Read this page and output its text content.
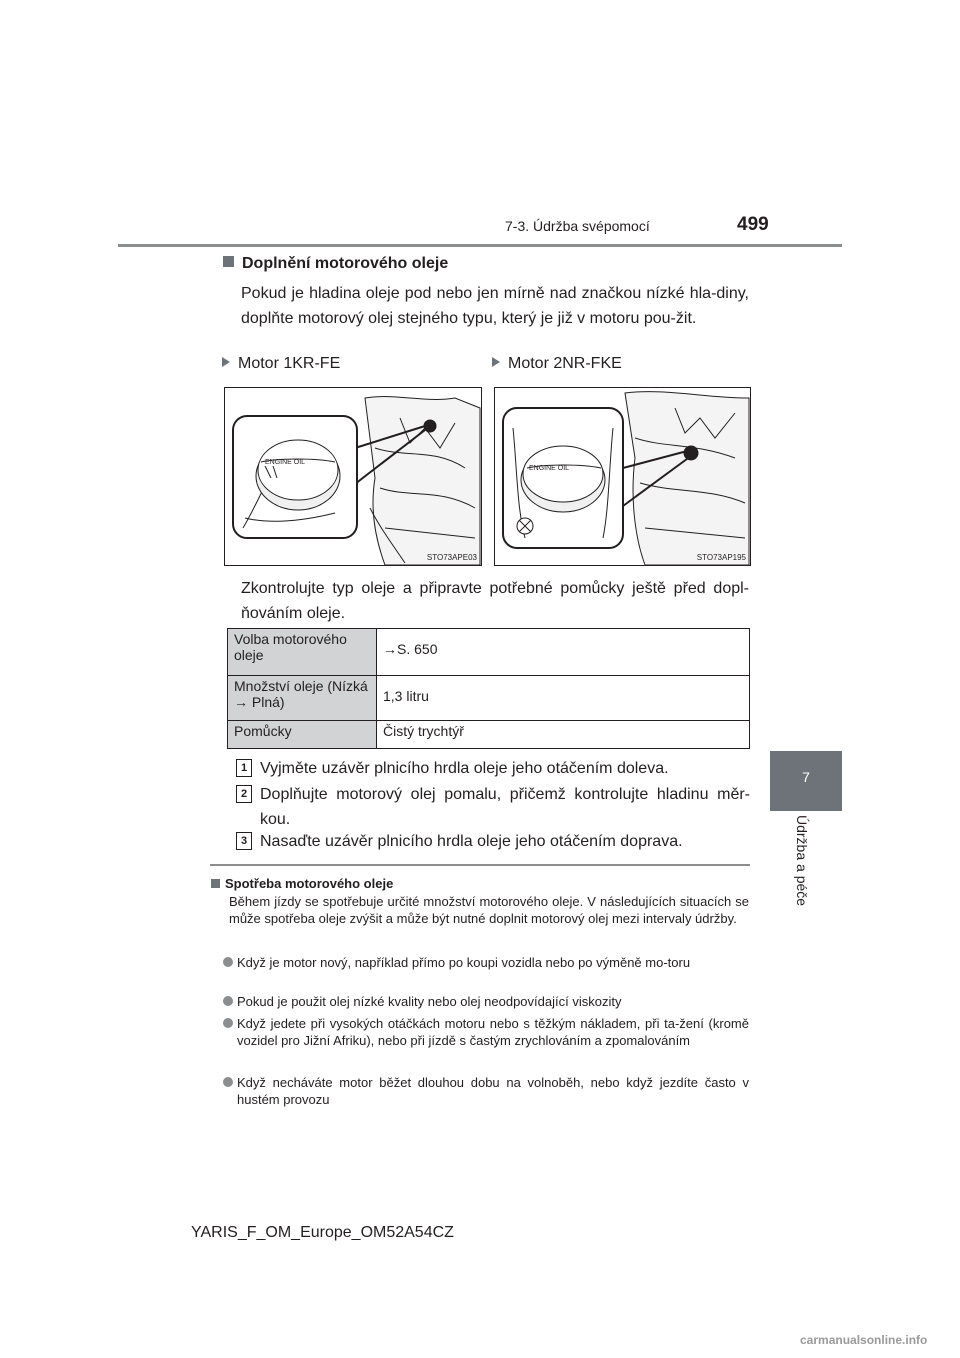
7-3. Údržba svépomocí	499
7
Údržba a péče
Doplnění motorového oleje
Pokud je hladina oleje pod nebo jen mírně nad značkou nízké hla-diny, doplňte motorový olej stejného typu, který je již v motoru pou-žit.
Motor 1KR-FE	Motor 2NR-FKE
ENGINE OIL
STO73APE03
ENGINE OIL
STO73AP195
Zkontrolujte typ oleje a připravte potřebné pomůcky ještě před dopl-ňováním oleje.
Volba motorového oleje	→S. 650
Množství oleje (Nízká → Plná)	1,3 litru
Pomůcky	Čistý trychtýř
1 Vyjměte uzávěr plnicího hrdla oleje jeho otáčením doleva.
2 Doplňujte motorový olej pomalu, přičemž kontrolujte hladinu měr-kou.
3 Nasaďte uzávěr plnicího hrdla oleje jeho otáčením doprava.
Spotřeba motorového oleje
Během jízdy se spotřebuje určité množství motorového oleje. V následujících situacích se může spotřeba oleje zvýšit a může být nutné doplnit motorový olej mezi intervaly údržby.
Když je motor nový, například přímo po koupi vozidla nebo po výměně mo-toru
Pokud je použit olej nízké kvality nebo olej neodpovídající viskozity
Když jedete při vysokých otáčkách motoru nebo s těžkým nákladem, při ta-žení (kromě vozidel pro Jižní Afriku), nebo při jízdě s častým zrychlováním a zpomalováním
Když necháváte motor běžet dlouhou dobu na volnoběh, nebo když jezdíte často v hustém provozu
YARIS_F_OM_Europe_OM52A54CZ
carmanualsonline.info
